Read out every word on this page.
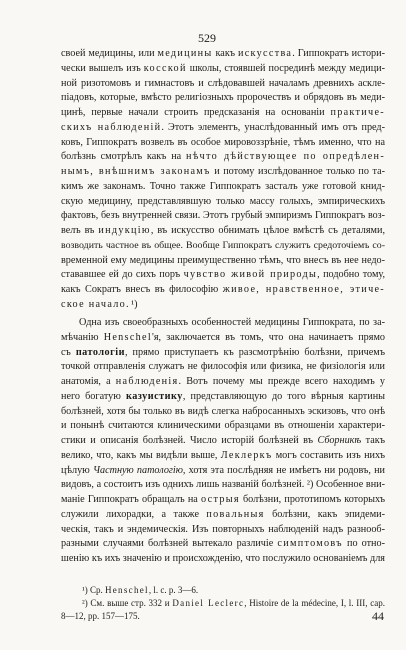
529
своей медицины, или медицины какъ искусства. Гиппократъ истори-
чески вышелъ изъ косской школы, стоявшей посрединѣ между медици-
ной ризотомовъ и гимнастовъ и слѣдовавшей началамъ древнихъ аскле-
піадовъ, которые, вмѣсто религіозныхъ пророчествъ и обрядовъ въ меди-
цинѣ, первые начали строить предсказанія на основаніи практиче-
скихъ наблюденій. Этотъ элементъ, унаслѣдованный имъ отъ пред-
ковъ, Гиппократъ возвелъ въ особое мировоззрѣніе, тѣмъ именно, что на
болѣзнь смотрѣлъ какъ на нѣчто дѣйствующее по опредѣлен-
нымъ, внѣшнимъ законамъ и потому изслѣдованное только по та-
кимъ же законамъ. Точно также Гиппократъ засталъ уже готовой книд-
скую медицину, представлявшую только массу голыхъ, эмпирическихъ
фактовъ, безъ внутренней связи. Этотъ грубый эмпиризмъ Гиппократъ воз-
велъ въ индукцію, въ искусство обнимать цѣлое вмѣстѣ съ деталями,
возводить частное въ общее. Вообще Гиппократъ служитъ средоточіемъ со-
временной ему медицины преимущественно тѣмъ, что внесъ въ нее недо-
стававшее ей до сихъ поръ чувство живой природы, подобно тому,
какъ Сократъ внесъ въ философію живое, нравственное, этиче-
ское начало. ¹)
Одна изъ своеобразныхъ особенностей медицины Гиппократа, по за-
мѣчанію Henschel'я, заключается въ томъ, что она начинаетъ прямо
съ патологіи, прямо приступаетъ къ разсмотрѣнію болѣзни, причемъ
точкой отправленія служатъ не философія или физика, не физіологія или
анатомія, а наблюденія. Вотъ почему мы прежде всего находимъ у
него богатую казуистику, представляющую до того вѣрныя картины
болѣзней, хотя бы только въ видѣ слегка набросанныхъ эскизовъ, что онѣ
и понынѣ считаются клиническими образцами въ отношеніи характери-
стики и описанія болѣзней. Число исторій болѣзней въ Сборникѣ такъ
велико, что, какъ мы видѣли выше, Леклеркъ могъ составить изъ нихъ
цѣлую Частную патологію, хотя эта послѣдняя не имѣетъ ни родовъ, ни
видовъ, а состоитъ изъ однихъ лишь названій болѣзней. ²) Особенное вни-
маніе Гиппократъ обращалъ на острыя болѣзни, прототипомъ которыхъ
служили лихорадки, а также повальныя болѣзни, какъ эпидеми-
ческія, такъ и эндемическія. Изъ повторныхъ наблюденій надъ разнооб-
разными случаями болѣзней вытекало различіе симптомовъ по отно-
шенію къ ихъ значенію и происхожденію, что послужило основаніемъ для
¹) Ср. Henschel, l. c. p. 3—6.
²) См. выше стр. 332 и Daniel Leclerc, Histoire de la médecine, I, l. III, cap.
8—12, pp. 157—175.	44
